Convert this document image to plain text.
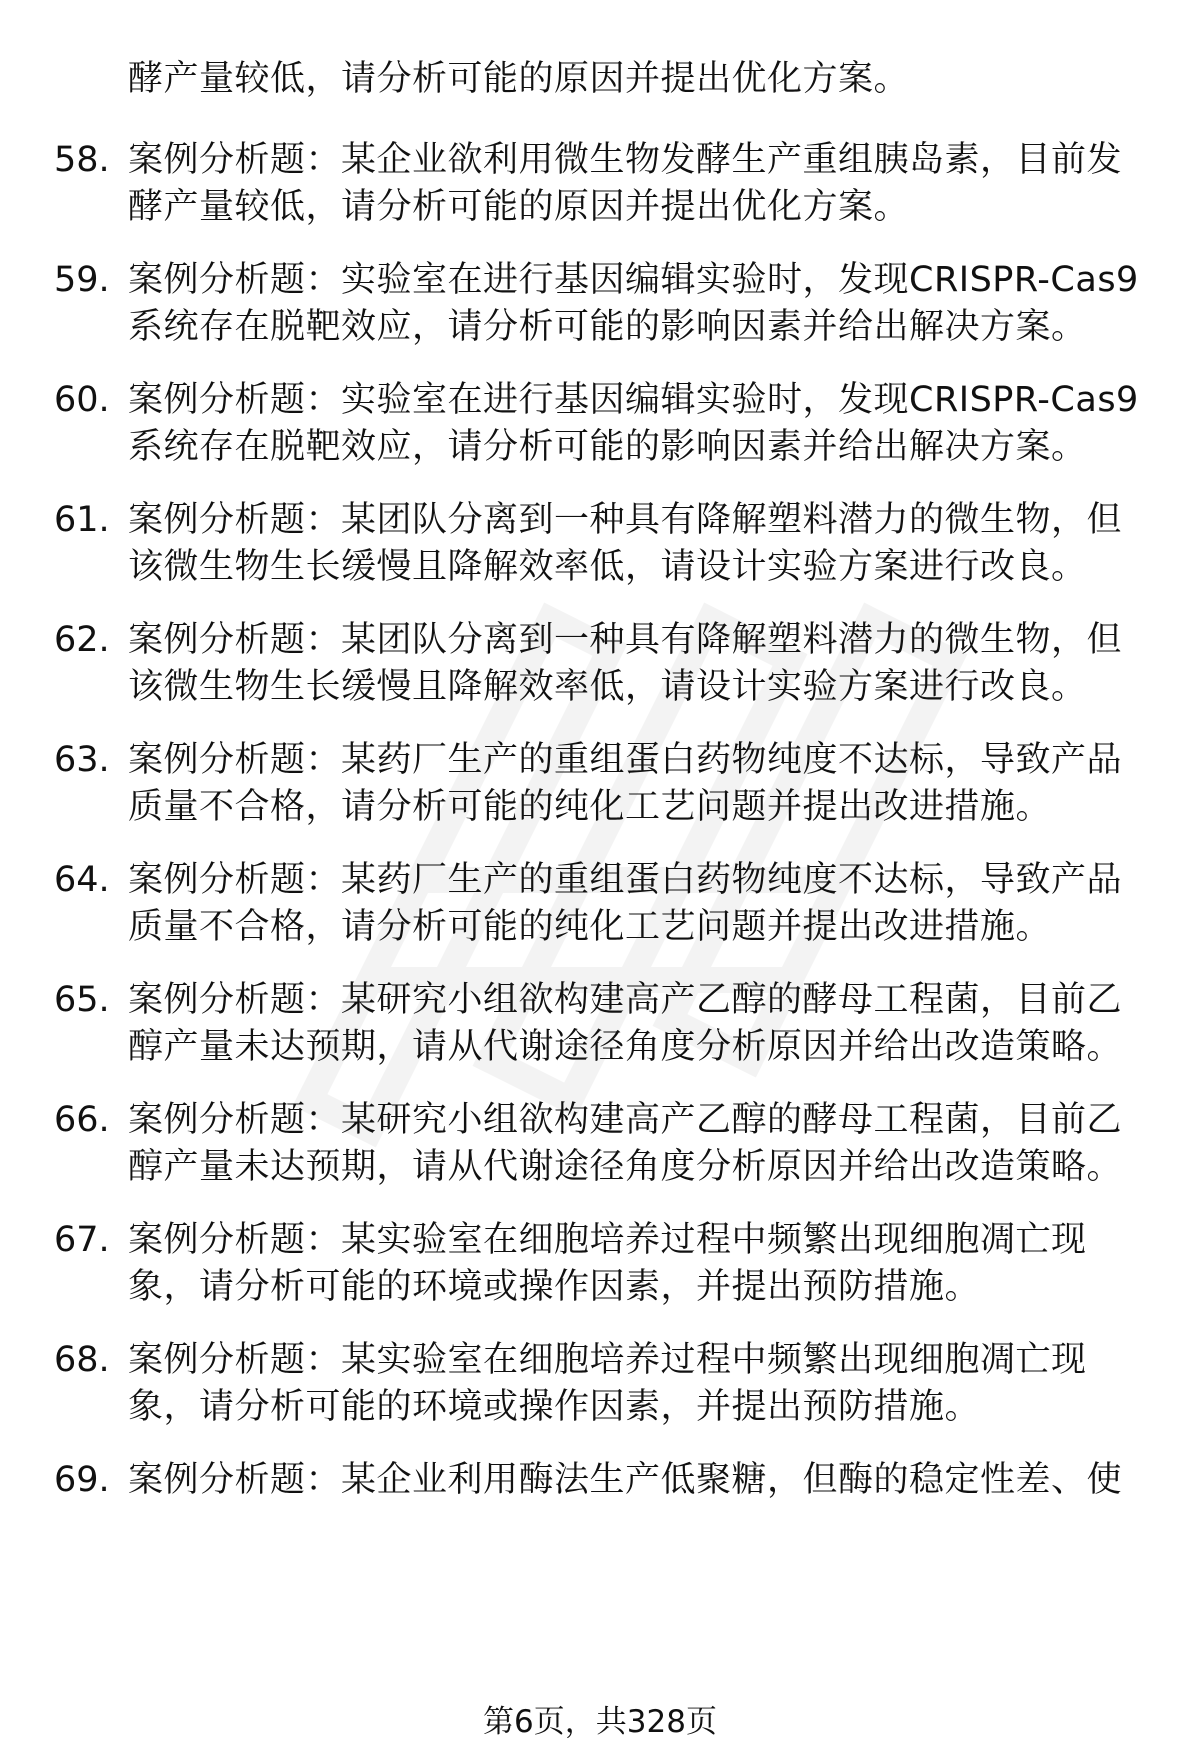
酵产量较低，请分析可能的原因并提出优化方案。
58. 案例分析题：某企业欲利用微生物发酵生产重组胰岛素，目前发酵产量较低，请分析可能的原因并提出优化方案。
59. 案例分析题：实验室在进行基因编辑实验时，发现CRISPR-Cas9系统存在脱靶效应，请分析可能的影响因素并给出解决方案。
60. 案例分析题：实验室在进行基因编辑实验时，发现CRISPR-Cas9系统存在脱靶效应，请分析可能的影响因素并给出解决方案。
61. 案例分析题：某团队分离到一种具有降解塑料潜力的微生物，但该微生物生长缓慢且降解效率低，请设计实验方案进行改良。
62. 案例分析题：某团队分离到一种具有降解塑料潜力的微生物，但该微生物生长缓慢且降解效率低，请设计实验方案进行改良。
63. 案例分析题：某药厂生产的重组蛋白药物纯度不达标，导致产品质量不合格，请分析可能的纯化工艺问题并提出改进措施。
64. 案例分析题：某药厂生产的重组蛋白药物纯度不达标，导致产品质量不合格，请分析可能的纯化工艺问题并提出改进措施。
65. 案例分析题：某研究小组欲构建高产乙醇的酵母工程菌，目前乙醇产量未达预期，请从代谢途径角度分析原因并给出改造策略。
66. 案例分析题：某研究小组欲构建高产乙醇的酵母工程菌，目前乙醇产量未达预期，请从代谢途径角度分析原因并给出改造策略。
67. 案例分析题：某实验室在细胞培养过程中频繁出现细胞凋亡现象，请分析可能的环境或操作因素，并提出预防措施。
68. 案例分析题：某实验室在细胞培养过程中频繁出现细胞凋亡现象，请分析可能的环境或操作因素，并提出预防措施。
69. 案例分析题：某企业利用酶法生产低聚糖，但酶的稳定性差、使
第6页，共328页
